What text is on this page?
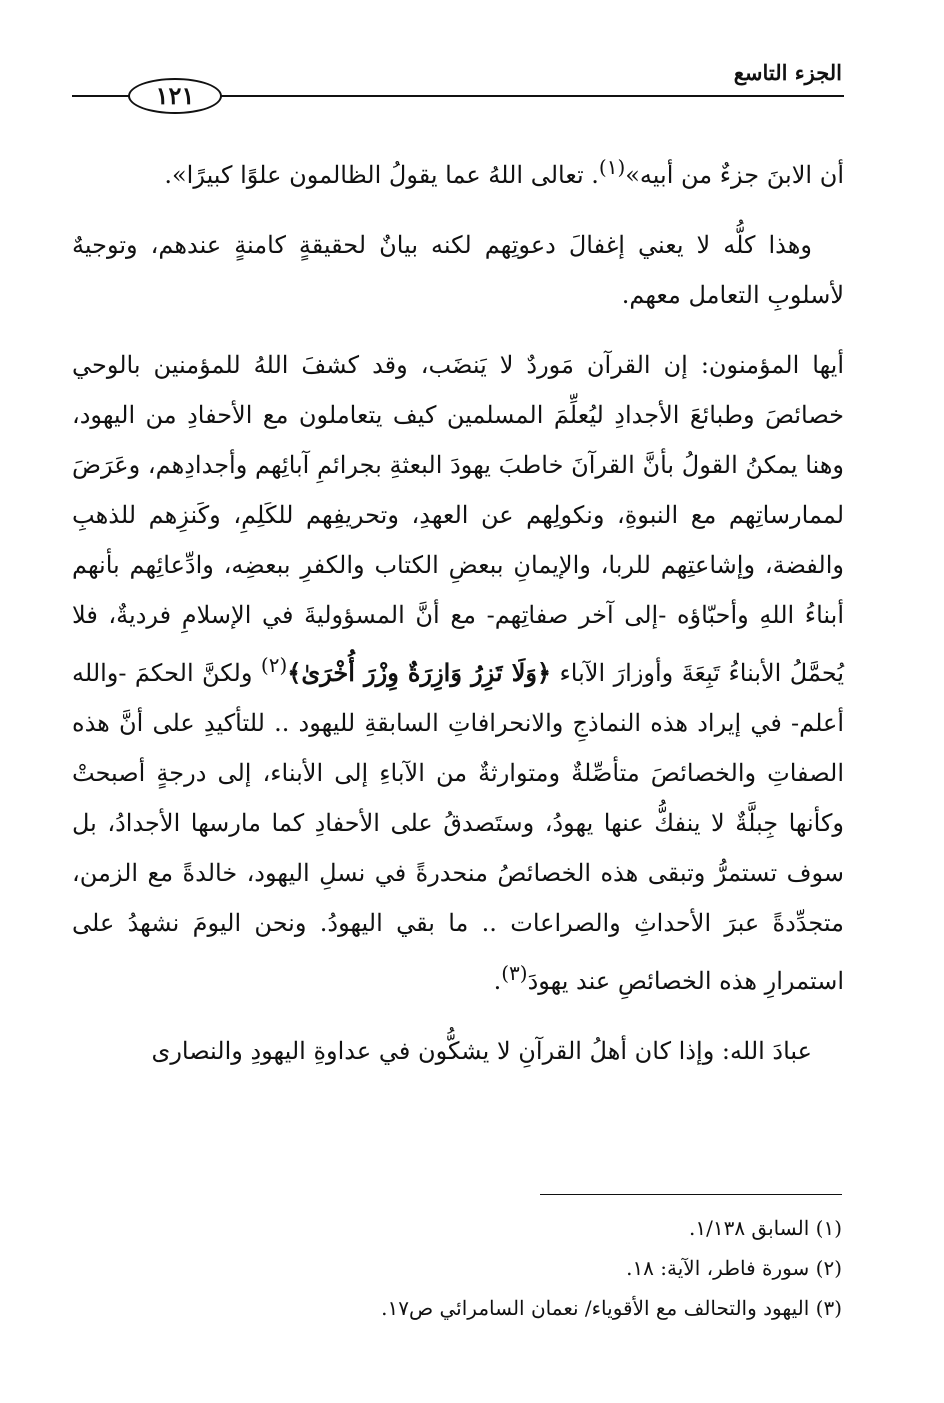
الجزء التاسع
١٢١

أن الابنَ جزءٌ من أبيه»$^{(١)}$. تعالى اللهُ عما يقولُ الظالمون علوًا كبيرًا».

وهذا كلُّه لا يعني إغفالَ دعوتِهم لكنه بيانٌ لحقيقةٍ كامنةٍ عندهم، وتوجيهٌ لأسلوبِ التعامل معهم.

أيها المؤمنون: إن القرآن مَوردٌ لا يَنضَب، وقد كشفَ اللهُ للمؤمنين بالوحي خصائصَ وطبائعَ الأجدادِ ليُعلِّمَ المسلمين كيف يتعاملون مع الأحفادِ من اليهود، وهنا يمكنُ القولُ بأنَّ القرآنَ خاطبَ يهودَ البعثةِ بجرائمِ آبائِهم وأجدادِهم، وعَرَضَ لممارساتِهم مع النبوةِ، ونكولِهم عن العهدِ، وتحريفِهم للكَلِمِ، وكَنزِهم للذهبِ والفضة، وإشاعتِهم للربا، والإيمانِ ببعضِ الكتاب والكفرِ ببعضِه، وادِّعائِهم بأنهم أبناءُ اللهِ وأحبّاؤه -إلى آخر صفاتِهم- مع أنَّ المسؤوليةَ في الإسلامِ فرديةٌ، فلا يُحمَّلُ الأبناءُ تَبِعَةَ وأوزارَ الآباء ﴿وَلَا تَزِرُ وَازِرَةٌ وِزْرَ أُخْرَىٰ﴾$^{(٢)}$ ولكنَّ الحكمَ -والله أعلم- في إيراد هذه النماذجِ والانحرافاتِ السابقةِ لليهود .. للتأكيدِ على أنَّ هذه الصفاتِ والخصائصَ متأصِّلةٌ ومتوارثةٌ من الآباءِ إلى الأبناء، إلى درجةٍ أصبحتْ وكأنها جِبلَّةٌ لا ينفكُّ عنها يهودُ، وستَصدقُ على الأحفادِ كما مارسها الأجدادُ، بل سوف تستمرُّ وتبقى هذه الخصائصُ منحدرةً في نسلِ اليهود، خالدةً مع الزمن، متجدِّدةً عبرَ الأحداثِ والصراعات .. ما بقي اليهودُ. ونحن اليومَ نشهدُ على استمرارِ هذه الخصائصِ عند يهودَ$^{(٣)}$.

عبادَ الله: وإذا كان أهلُ القرآنِ لا يشكُّون في عداوةِ اليهودِ والنصارى

(١) السابق ١/١٣٨.
(٢) سورة فاطر، الآية: ١٨.
(٣) اليهود والتحالف مع الأقوياء/ نعمان السامرائي ص١٧.
